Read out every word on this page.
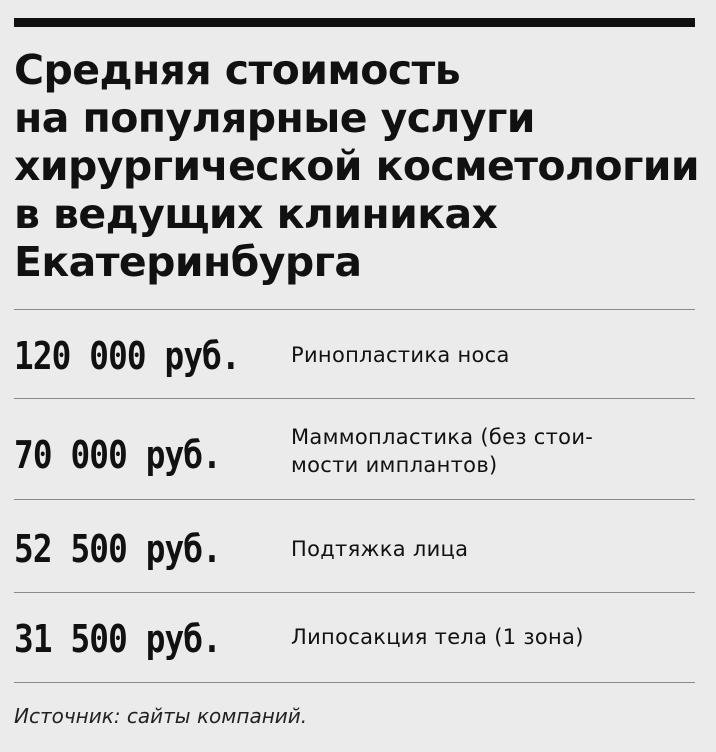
Средняя стоимость
на популярные услуги
хирургической косметологии
в ведущих клиниках
Екатеринбурга
120 000 руб. Ринопластика носа
70 000 руб.	Маммопластика (без стои-
мости имплантов)
52 500 руб.	Подтяжка лица
31 500 руб.	Липосакция тела (1 зона)
Источник: сайты компаний.
